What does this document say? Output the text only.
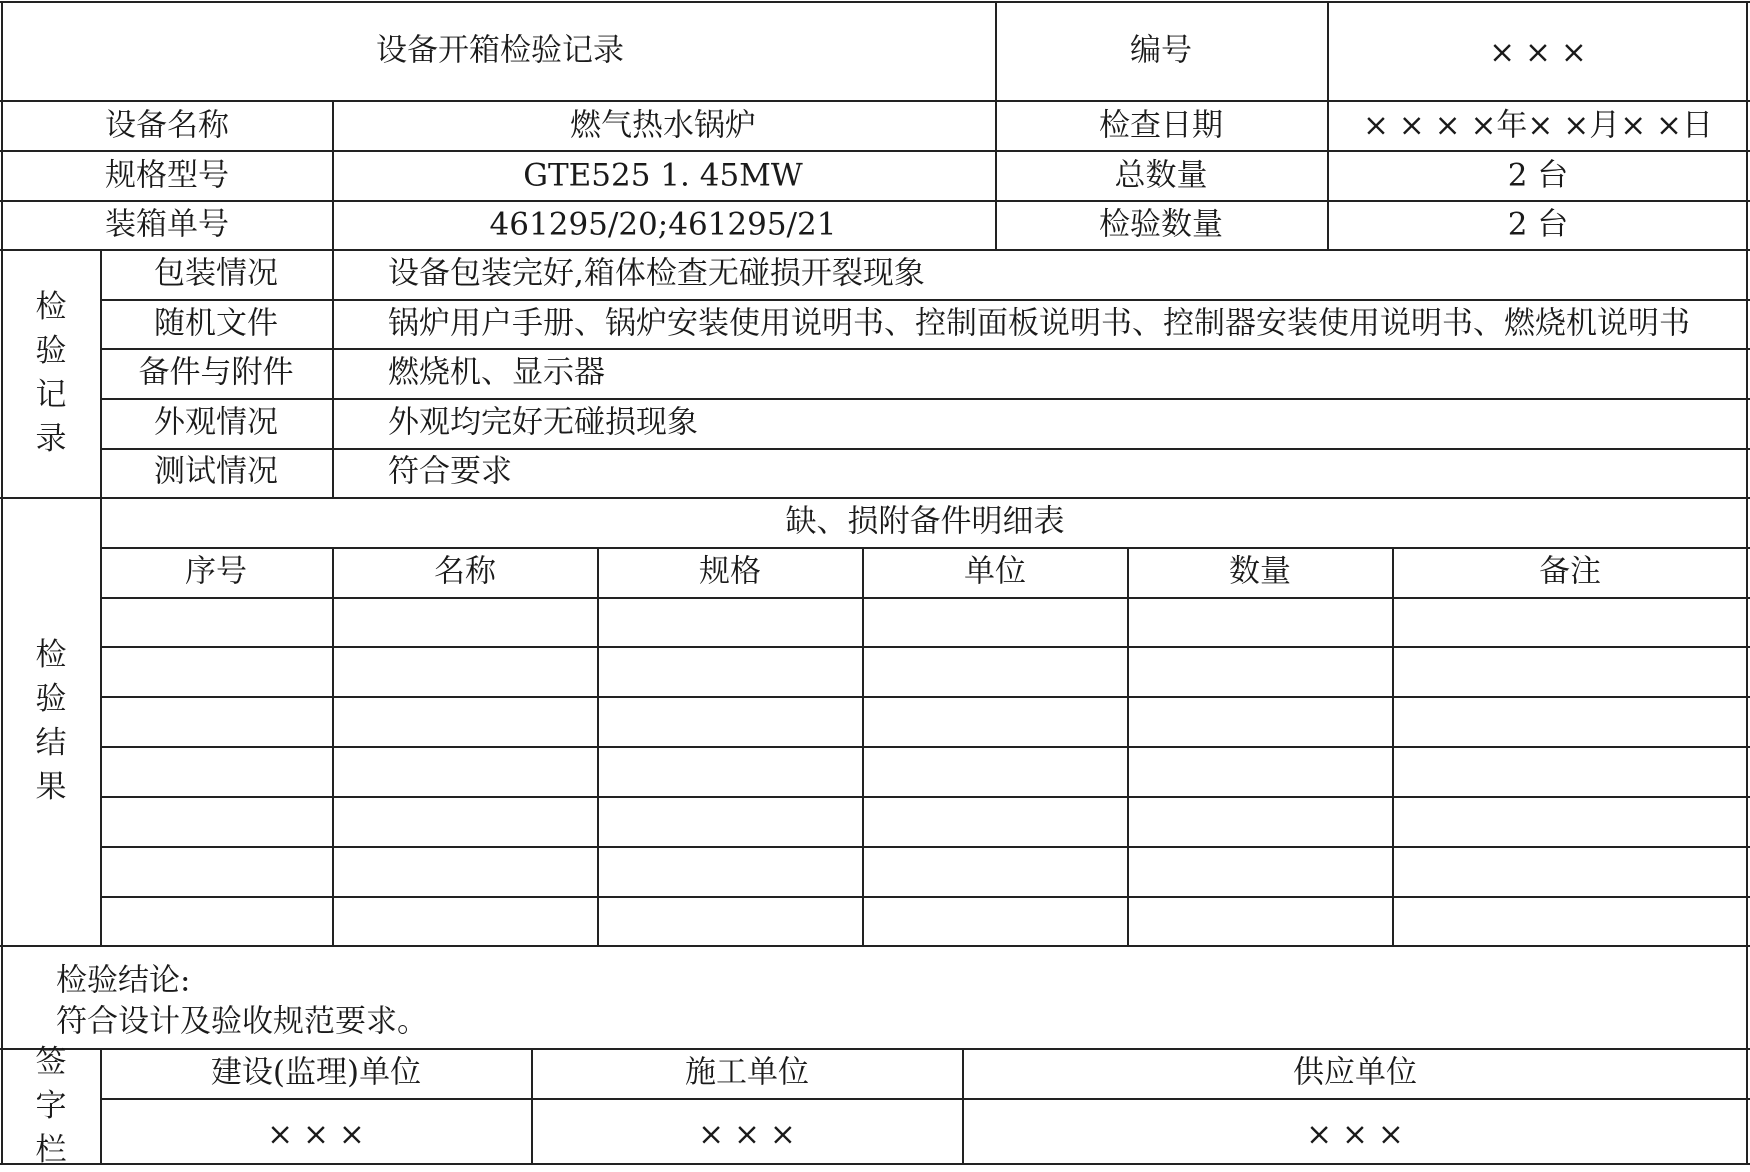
设备开箱检验记录	编号	× × ×
设备名称	燃气热水锅炉	检查日期	× × × ×年× ×月× ×日
规格型号	GTE525 1. 45MW	总数量	2 台
装箱单号	461295/20;461295/21	检验数量	2 台
检验记录
包装情况	设备包装完好,箱体检查无碰损开裂现象
随机文件	锅炉用户手册、锅炉安装使用说明书、控制面板说明书、控制器安装使用说明书、燃烧机说明书
备件与附件	燃烧机、显示器
外观情况	外观均完好无碰损现象
测试情况	符合要求
检验结果
缺、损附备件明细表
序号	名称	规格	单位	数量	备注
检验结论:
符合设计及验收规范要求。
签字栏
建设(监理)单位	施工单位	供应单位
× × ×	× × ×	× × ×
